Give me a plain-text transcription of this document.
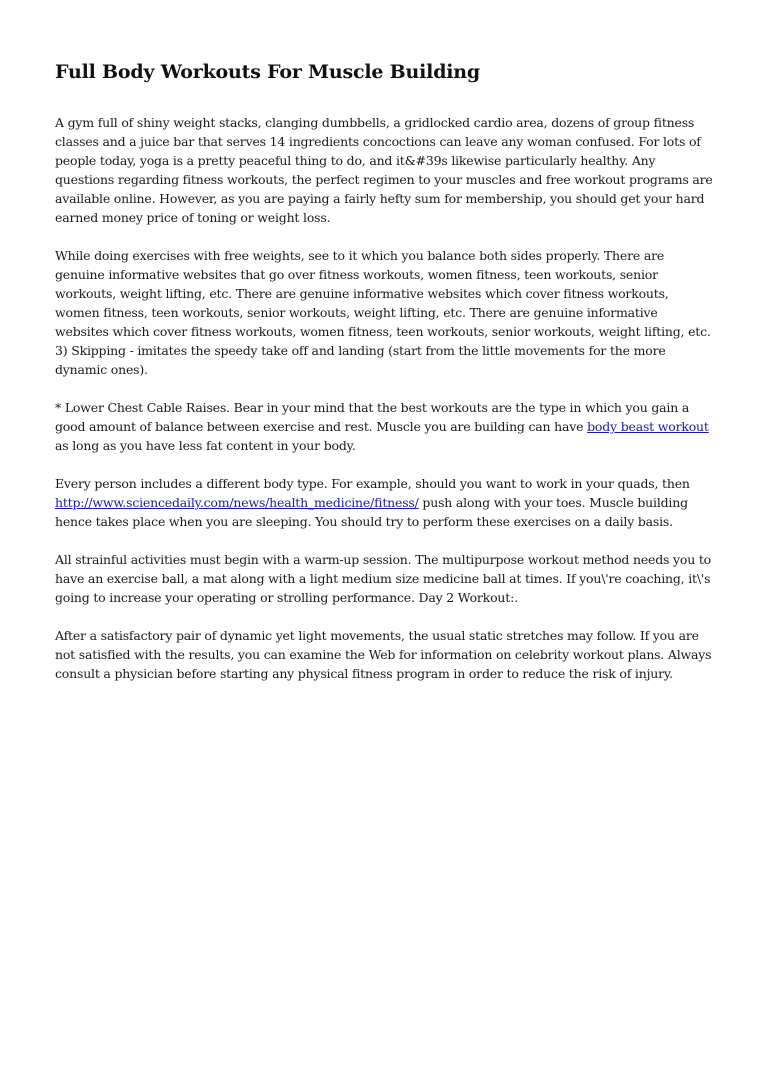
Full Body Workouts For Muscle Building

A gym full of shiny weight stacks, clanging dumbbells, a gridlocked cardio area, dozens of group fitness classes and a juice bar that serves 14 ingredients concoctions can leave any woman confused. For lots of people today, yoga is a pretty peaceful thing to do, and it&#39s likewise particularly healthy. Any questions regarding fitness workouts, the perfect regimen to your muscles and free workout programs are available online. However, as you are paying a fairly hefty sum for membership, you should get your hard earned money price of toning or weight loss.

While doing exercises with free weights, see to it which you balance both sides properly. There are genuine informative websites that go over fitness workouts, women fitness, teen workouts, senior workouts, weight lifting, etc. There are genuine informative websites which cover fitness workouts, women fitness, teen workouts, senior workouts, weight lifting, etc. There are genuine informative websites which cover fitness workouts, women fitness, teen workouts, senior workouts, weight lifting, etc. 3) Skipping - imitates the speedy take off and landing (start from the little movements for the more dynamic ones).

* Lower Chest Cable Raises. Bear in your mind that the best workouts are the type in which you gain a good amount of balance between exercise and rest. Muscle you are building can have body beast workout as long as you have less fat content in your body.

Every person includes a different body type. For example, should you want to work in your quads, then http://www.sciencedaily.com/news/health_medicine/fitness/ push along with your toes. Muscle building hence takes place when you are sleeping. You should try to perform these exercises on a daily basis.

All strainful activities must begin with a warm-up session. The multipurpose workout method needs you to have an exercise ball, a mat along with a light medium size medicine ball at times. If you\'re coaching, it\'s going to increase your operating or strolling performance. Day 2 Workout:.

After a satisfactory pair of dynamic yet light movements, the usual static stretches may follow. If you are not satisfied with the results, you can examine the Web for information on celebrity workout plans. Always consult a physician before starting any physical fitness program in order to reduce the risk of injury.
